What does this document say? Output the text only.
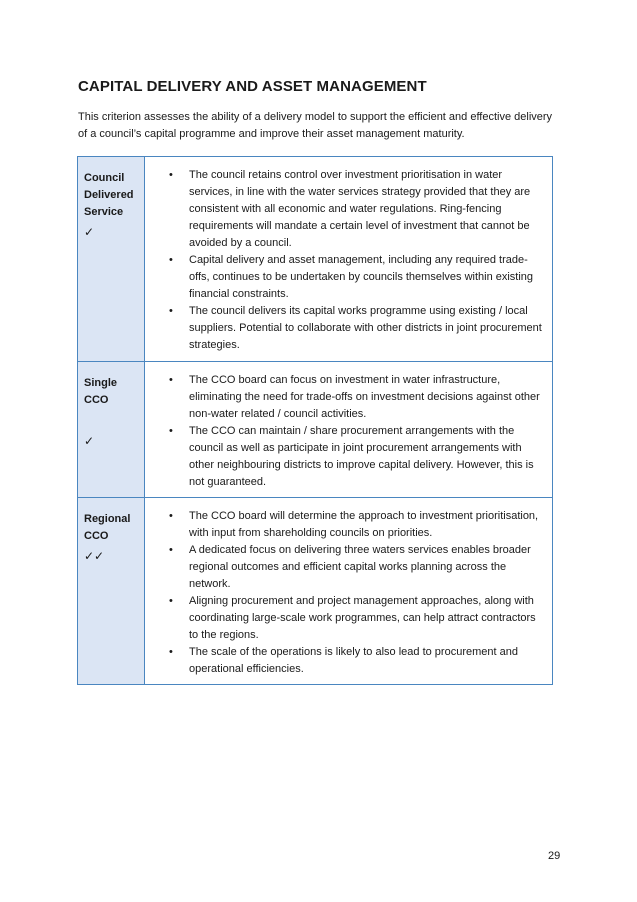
CAPITAL DELIVERY AND ASSET MANAGEMENT
This criterion assesses the ability of a delivery model to support the efficient and effective delivery of a council’s capital programme and improve their asset management maturity.
Council
Delivered
Service
✓
• The council retains control over investment prioritisation in water services, in line with the water services strategy provided that they are consistent with all economic and water regulations. Ring-fencing requirements will mandate a certain level of investment that cannot be avoided by a council.
• Capital delivery and asset management, including any required trade-offs, continues to be undertaken by councils themselves within existing financial constraints.
• The council delivers its capital works programme using existing / local suppliers. Potential to collaborate with other districts in joint procurement strategies.
Single
CCO
✓
• The CCO board can focus on investment in water infrastructure, eliminating the need for trade-offs on investment decisions against other non-water related / council activities.
• The CCO can maintain / share procurement arrangements with the council as well as participate in joint procurement arrangements with other neighbouring districts to improve capital delivery. However, this is not guaranteed.
Regional
CCO
✓✓
• The CCO board will determine the approach to investment prioritisation, with input from shareholding councils on priorities.
• A dedicated focus on delivering three waters services enables broader regional outcomes and efficient capital works planning across the network.
• Aligning procurement and project management approaches, along with coordinating large-scale work programmes, can help attract contractors to the regions.
• The scale of the operations is likely to also lead to procurement and operational efficiencies.
29
